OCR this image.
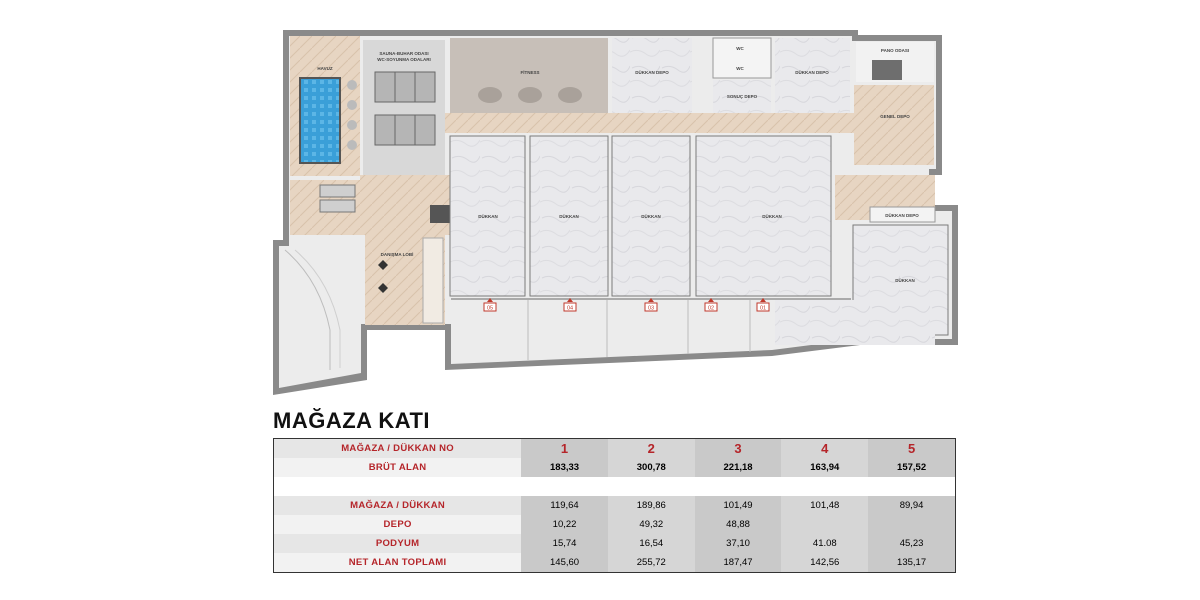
HAVUZ
SAUNA-BUHAR ODASI
WC-SOYUNMA ODALARI
FİTNESS	DÜKKAN DEPO
WC
WC
SONUÇ DEPO
DÜKKAN DEPO
PANO ODASI
GENEL DEPO
DÜKKAN	DÜKKAN	DÜKKAN	DÜKKAN	DÜKKAN DEPO
DÜKKAN
DANIŞMA LOBİ
05	04	03	02	01
MAĞAZA KATI
MAĞAZA / DÜKKAN NO	1	2	3	4	5
BRÜT ALAN	183,33	300,78	221,18	163,94	157,52

MAĞAZA / DÜKKAN	119,64	189,86	101,49	101,48	89,94
DEPO	10,22	49,32	48,88		
PODYUM	15,74	16,54	37,10	41.08	45,23
NET ALAN TOPLAMI	145,60	255,72	187,47	142,56	135,17
